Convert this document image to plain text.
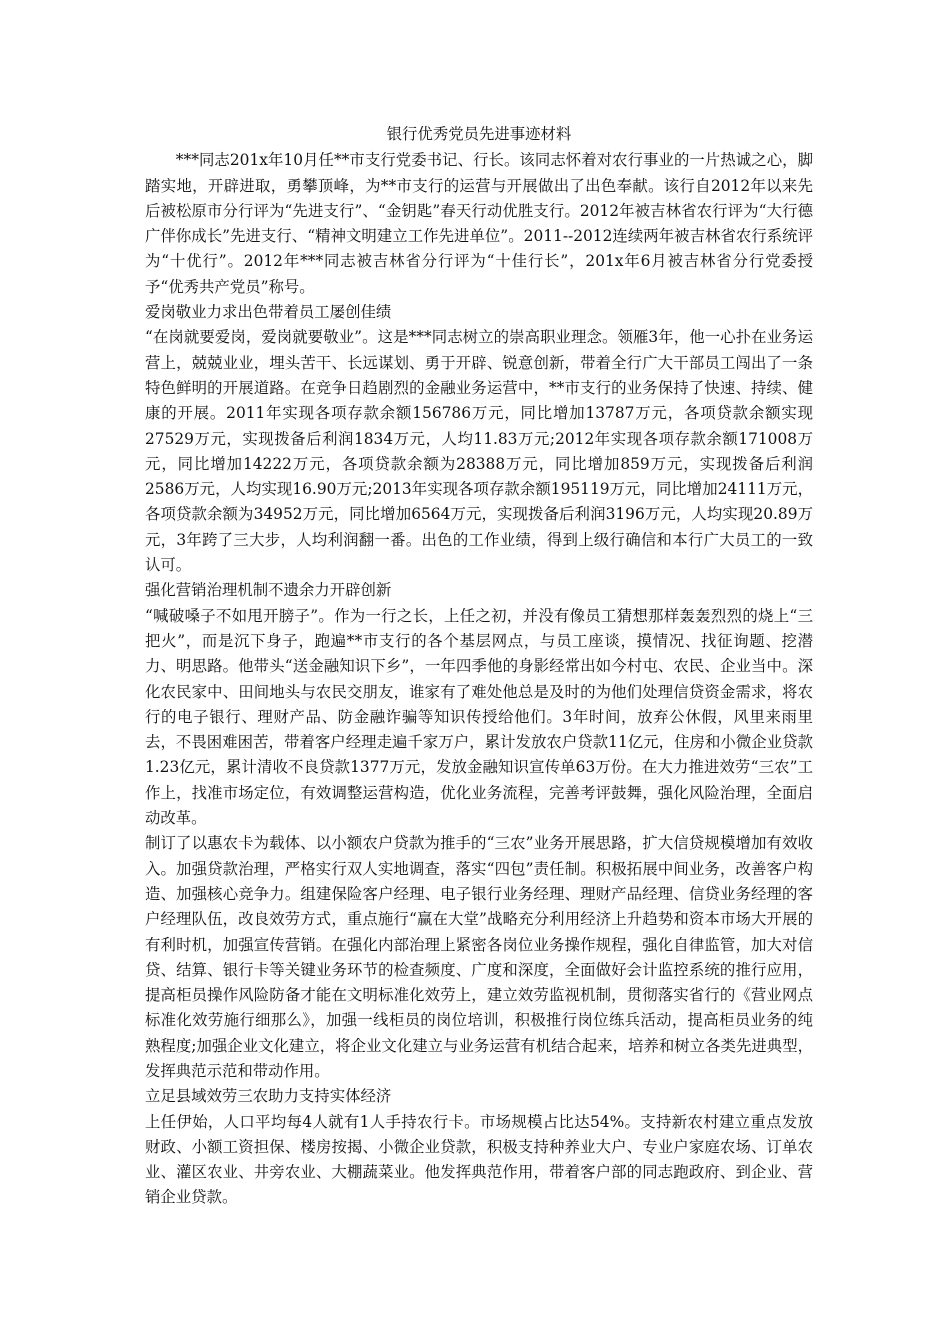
银行优秀党员先进事迹材料

***同志201x年10月任**市支行党委书记、行长。该同志怀着对农行事业的一片热诚之心，脚踏实地，开辟进取，勇攀顶峰，为**市支行的运营与开展做出了出色奉献。该行自2012年以来先后被松原市分行评为“先进支行”、“金钥匙”春天行动优胜支行。2012年被吉林省农行评为“大行德广伴你成长”先进支行、“精神文明建立工作先进单位”。2011--2012连续两年被吉林省农行系统评为“十优行”。2012年***同志被吉林省分行评为“十佳行长”，201x年6月被吉林省分行党委授予“优秀共产党员”称号。

爱岗敬业力求出色带着员工屡创佳绩

“在岗就要爱岗，爱岗就要敬业”。这是***同志树立的崇高职业理念。领雁3年，他一心扑在业务运营上，兢兢业业，埋头苦干、长远谋划、勇于开辟、锐意创新，带着全行广大干部员工闯出了一条特色鲜明的开展道路。在竞争日趋剧烈的金融业务运营中，**市支行的业务保持了快速、持续、健康的开展。2011年实现各项存款余额156786万元，同比增加13787万元，各项贷款余额实现27529万元，实现拨备后利润1834万元，人均11.83万元;2012年实现各项存款余额171008万元，同比增加14222万元，各项贷款余额为28388万元，同比增加859万元，实现拨备后利润2586万元，人均实现16.90万元;2013年实现各项存款余额195119万元，同比增加24111万元，各项贷款余额为34952万元，同比增加6564万元，实现拨备后利润3196万元，人均实现20.89万元，3年跨了三大步，人均利润翻一番。出色的工作业绩，得到上级行确信和本行广大员工的一致认可。

强化营销治理机制不遗余力开辟创新

“喊破嗓子不如甩开膀子”。作为一行之长，上任之初，并没有像员工猜想那样轰轰烈烈的烧上“三把火”，而是沉下身子，跑遍**市支行的各个基层网点，与员工座谈，摸情况、找征询题、挖潜力、明思路。他带头“送金融知识下乡”，一年四季他的身影经常出如今村屯、农民、企业当中。深化农民家中、田间地头与农民交朋友，谁家有了难处他总是及时的为他们处理信贷资金需求，将农行的电子银行、理财产品、防金融诈骗等知识传授给他们。3年时间，放弃公休假，风里来雨里去，不畏困难困苦，带着客户经理走遍千家万户，累计发放农户贷款11亿元，住房和小微企业贷款1.23亿元，累计清收不良贷款1377万元，发放金融知识宣传单63万份。在大力推进效劳“三农”工作上，找准市场定位，有效调整运营构造，优化业务流程，完善考评鼓舞，强化风险治理，全面启动改革。

制订了以惠农卡为载体、以小额农户贷款为推手的“三农”业务开展思路，扩大信贷规模增加有效收入。加强贷款治理，严格实行双人实地调查，落实“四包”责任制。积极拓展中间业务，改善客户构造、加强核心竞争力。组建保险客户经理、电子银行业务经理、理财产品经理、信贷业务经理的客户经理队伍，改良效劳方式，重点施行“赢在大堂”战略充分利用经济上升趋势和资本市场大开展的有利时机，加强宣传营销。在强化内部治理上紧密各岗位业务操作规程，强化自律监管，加大对信贷、结算、银行卡等关键业务环节的检查频度、广度和深度，全面做好会计监控系统的推行应用，提高柜员操作风险防备才能在文明标准化效劳上，建立效劳监视机制，贯彻落实省行的《营业网点标准化效劳施行细那么》，加强一线柜员的岗位培训，积极推行岗位练兵活动，提高柜员业务的纯熟程度;加强企业文化建立，将企业文化建立与业务运营有机结合起来，培养和树立各类先进典型，发挥典范示范和带动作用。

立足县域效劳三农助力支持实体经济

上任伊始，人口平均每4人就有1人手持农行卡。市场规模占比达54%。支持新农村建立重点发放财政、小额工资担保、楼房按揭、小微企业贷款，积极支持种养业大户、专业户家庭农场、订单农业、灌区农业、井旁农业、大棚蔬菜业。他发挥典范作用，带着客户部的同志跑政府、到企业、营销企业贷款。
